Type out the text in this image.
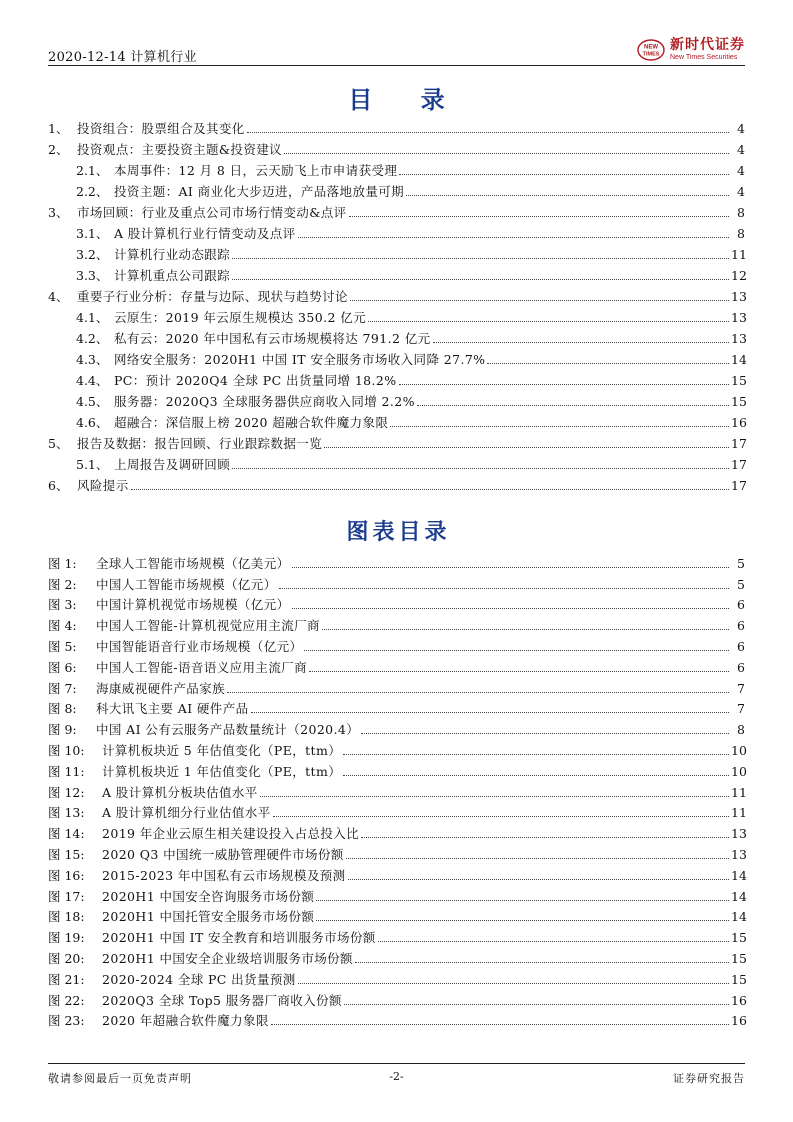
2020-12-14 计算机行业
NEW
TIMES
新时代证券
New Times Securities
目 录
1、 投资组合：股票组合及其变化	4
2、 投资观点：主要投资主题&投资建议	4
2.1、 本周事件：12 月 8 日，云天励飞上市申请获受理	4
2.2、 投资主题：AI 商业化大步迈进，产品落地放量可期	4
3、 市场回顾：行业及重点公司市场行情变动&点评	8
3.1、 A 股计算机行业行情变动及点评	8
3.2、 计算机行业动态跟踪	11
3.3、 计算机重点公司跟踪	12
4、 重要子行业分析：存量与边际、现状与趋势讨论	13
4.1、 云原生：2019 年云原生规模达 350.2 亿元	13
4.2、 私有云：2020 年中国私有云市场规模将达 791.2 亿元	13
4.3、 网络安全服务：2020H1 中国 IT 安全服务市场收入同降 27.7%	14
4.4、 PC：预计 2020Q4 全球 PC 出货量同增 18.2%	15
4.5、 服务器：2020Q3 全球服务器供应商收入同增 2.2%	15
4.6、 超融合：深信服上榜 2020 超融合软件魔力象限	16
5、 报告及数据：报告回顾、行业跟踪数据一览	17
5.1、 上周报告及调研回顾	17
6、 风险提示	17
图表目录
图 1:	全球人工智能市场规模（亿美元）	5
图 2:	中国人工智能市场规模（亿元）	5
图 3:	中国计算机视觉市场规模（亿元）	6
图 4:	中国人工智能-计算机视觉应用主流厂商	6
图 5:	中国智能语音行业市场规模（亿元）	6
图 6:	中国人工智能-语音语义应用主流厂商	6
图 7:	海康威视硬件产品家族	7
图 8:	科大讯飞主要 AI 硬件产品	7
图 9:	中国 AI 公有云服务产品数量统计（2020.4）	8
图 10:	计算机板块近 5 年估值变化（PE，ttm）	10
图 11:	计算机板块近 1 年估值变化（PE，ttm）	10
图 12:	A 股计算机分板块估值水平	11
图 13:	A 股计算机细分行业估值水平	11
图 14:	2019 年企业云原生相关建设投入占总投入比	13
图 15:	2020 Q3 中国统一威胁管理硬件市场份额	13
图 16:	2015-2023 年中国私有云市场规模及预测	14
图 17:	2020H1 中国安全咨询服务市场份额	14
图 18:	2020H1 中国托管安全服务市场份额	14
图 19:	2020H1 中国 IT 安全教育和培训服务市场份额	15
图 20:	2020H1 中国安全企业级培训服务市场份额	15
图 21:	2020-2024 全球 PC 出货量预测	15
图 22:	2020Q3 全球 Top5 服务器厂商收入份额	16
图 23:	2020 年超融合软件魔力象限	16
敬请参阅最后一页免责声明	-2-	证券研究报告
